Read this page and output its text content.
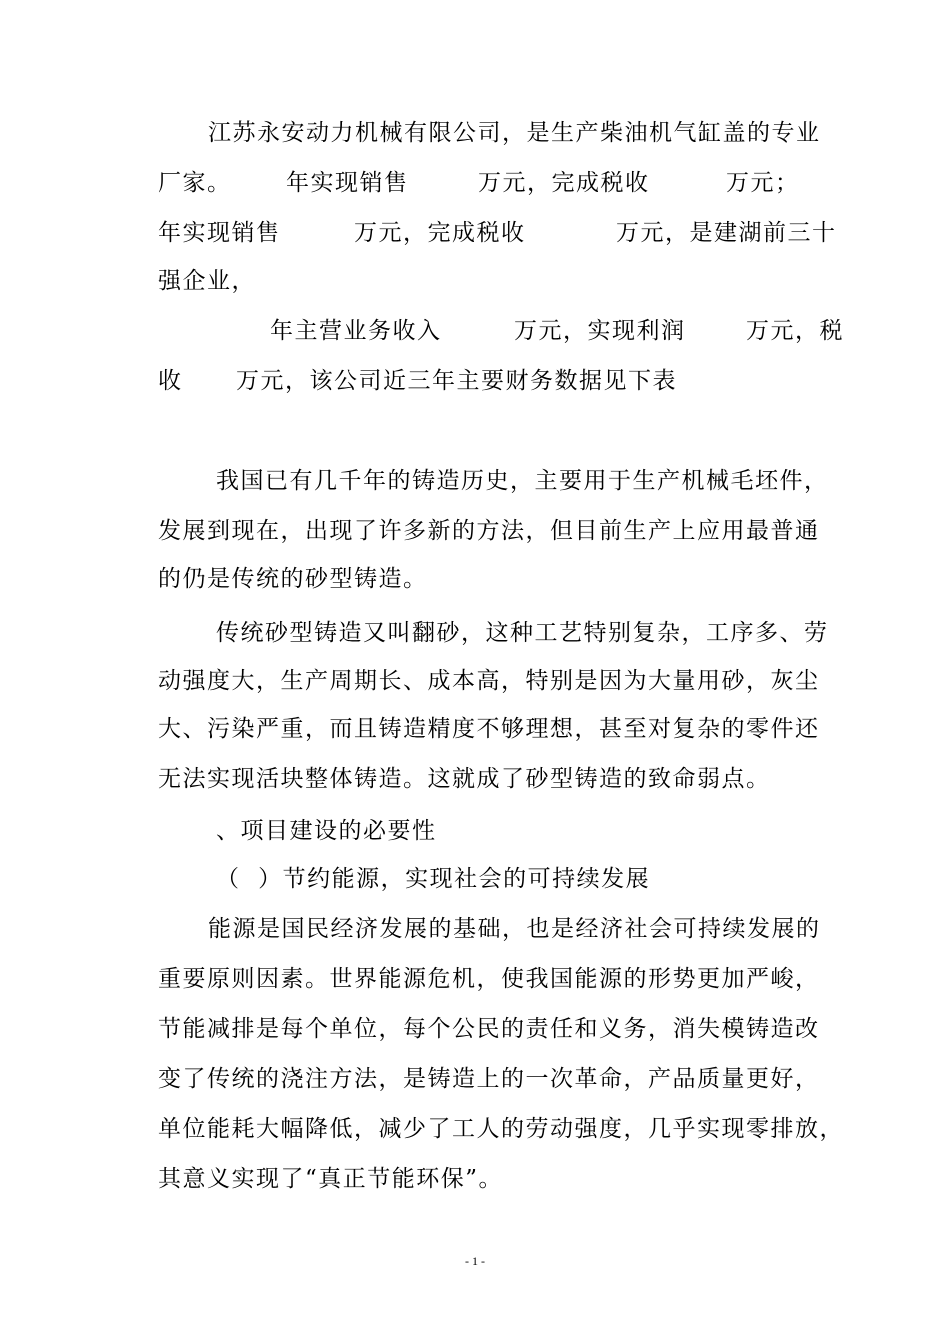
江苏永安动力机械有限公司，是生产柴油机气缸盖的专业
厂家。 年实现销售	万元，完成税收	万元；
年实现销售	万元，完成税收	万元，是建湖前三十
强企业，
年主营业务收入	万元，实现利润	万元，税
收 万元，该公司近三年主要财务数据见下表
我国已有几千年的铸造历史，主要用于生产机械毛坯件，
发展到现在，出现了许多新的方法，但目前生产上应用最普通
的仍是传统的砂型铸造。
传统砂型铸造又叫翻砂，这种工艺特别复杂，工序多、劳
动强度大，生产周期长、成本高，特别是因为大量用砂，灰尘
大、污染严重，而且铸造精度不够理想，甚至对复杂的零件还
无法实现活块整体铸造。这就成了砂型铸造的致命弱点。
、项目建设的必要性
（  ）节约能源，实现社会的可持续发展
能源是国民经济发展的基础，也是经济社会可持续发展的
重要原则因素。世界能源危机，使我国能源的形势更加严峻，
节能减排是每个单位，每个公民的责任和义务，消失模铸造改
变了传统的浇注方法，是铸造上的一次革命，产品质量更好，
单位能耗大幅降低，减少了工人的劳动强度，几乎实现零排放，
其意义实现了“真正节能环保”。
- 1 -
